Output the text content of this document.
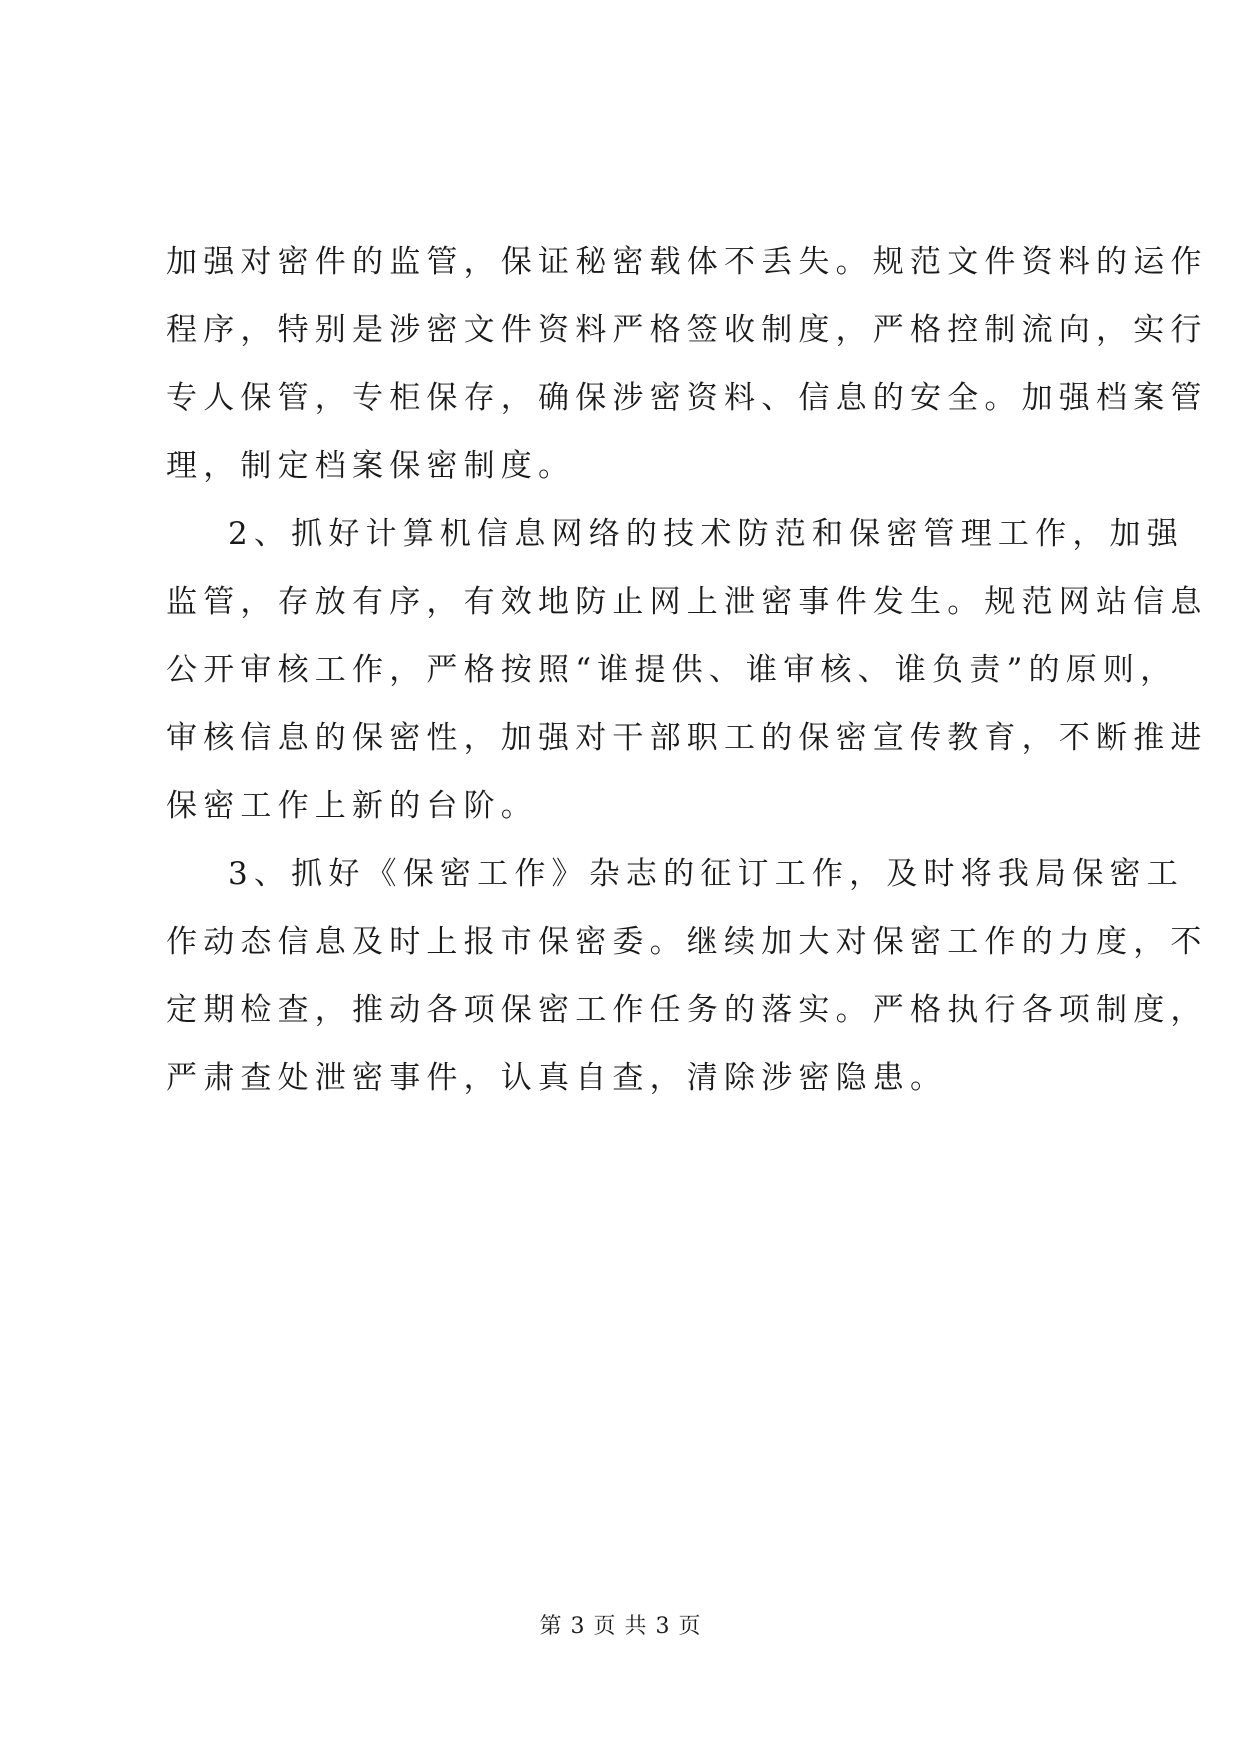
加强对密件的监管，保证秘密载体不丢失。规范文件资料的运作
程序，特别是涉密文件资料严格签收制度，严格控制流向，实行
专人保管，专柜保存，确保涉密资料、信息的安全。加强档案管
理，制定档案保密制度。
2、抓好计算机信息网络的技术防范和保密管理工作，加强
监管，存放有序，有效地防止网上泄密事件发生。规范网站信息
公开审核工作，严格按照“谁提供、谁审核、谁负责”的原则，
审核信息的保密性，加强对干部职工的保密宣传教育，不断推进
保密工作上新的台阶。
3、抓好《保密工作》杂志的征订工作，及时将我局保密工
作动态信息及时上报市保密委。继续加大对保密工作的力度，不
定期检查，推动各项保密工作任务的落实。严格执行各项制度，
严肃查处泄密事件，认真自查，清除涉密隐患。
第 3 页 共 3 页
